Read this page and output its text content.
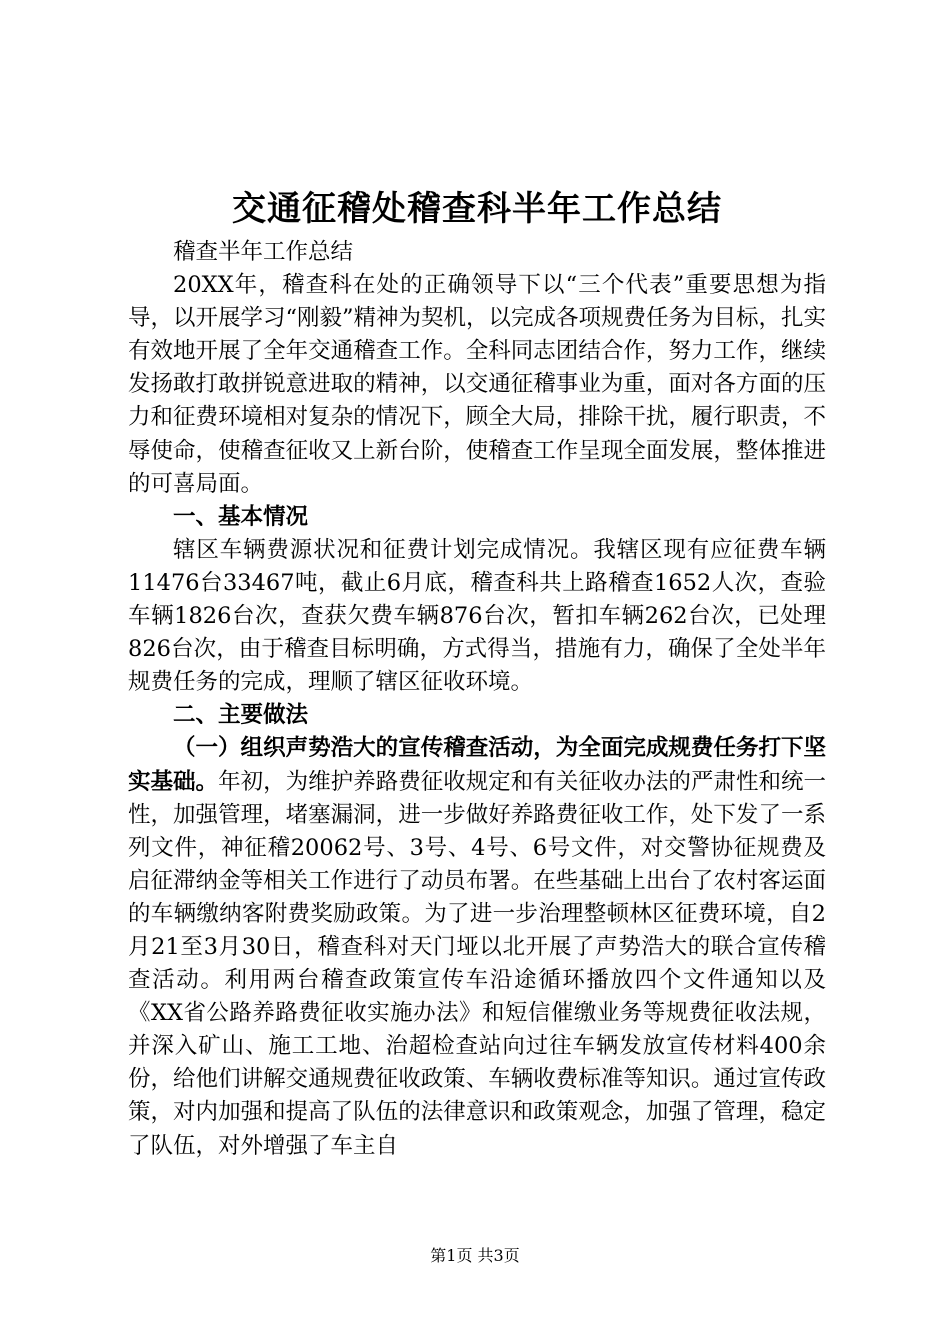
交通征稽处稽查科半年工作总结

稽查半年工作总结

20XX年，稽查科在处的正确领导下以“三个代表”重要思想为指导，以开展学习“刚毅”精神为契机，以完成各项规费任务为目标，扎实有效地开展了全年交通稽查工作。全科同志团结合作，努力工作，继续发扬敢打敢拼锐意进取的精神，以交通征稽事业为重，面对各方面的压力和征费环境相对复杂的情况下，顾全大局，排除干扰，履行职责，不辱使命，使稽查征收又上新台阶，使稽查工作呈现全面发展，整体推进的可喜局面。

一、基本情况

辖区车辆费源状况和征费计划完成情况。我辖区现有应征费车辆11476台33467吨，截止6月底，稽查科共上路稽查1652人次，查验车辆1826台次，查获欠费车辆876台次，暂扣车辆262台次，已处理826台次，由于稽查目标明确，方式得当，措施有力，确保了全处半年规费任务的完成，理顺了辖区征收环境。

二、主要做法

（一）组织声势浩大的宣传稽查活动，为全面完成规费任务打下坚实基础。年初，为维护养路费征收规定和有关征收办法的严肃性和统一性，加强管理，堵塞漏洞，进一步做好养路费征收工作，处下发了一系列文件，神征稽20062号、3号、4号、6号文件，对交警协征规费及启征滞纳金等相关工作进行了动员布署。在些基础上出台了农村客运面的车辆缴纳客附费奖励政策。为了进一步治理整顿林区征费环境，自2月21至3月30日，稽查科对天门垭以北开展了声势浩大的联合宣传稽查活动。利用两台稽查政策宣传车沿途循环播放四个文件通知以及《XX省公路养路费征收实施办法》和短信催缴业务等规费征收法规，并深入矿山、施工工地、治超检查站向过往车辆发放宣传材料400余份，给他们讲解交通规费征收政策、车辆收费标准等知识。通过宣传政策，对内加强和提高了队伍的法律意识和政策观念，加强了管理，稳定了队伍，对外增强了车主自

第1页 共3页
